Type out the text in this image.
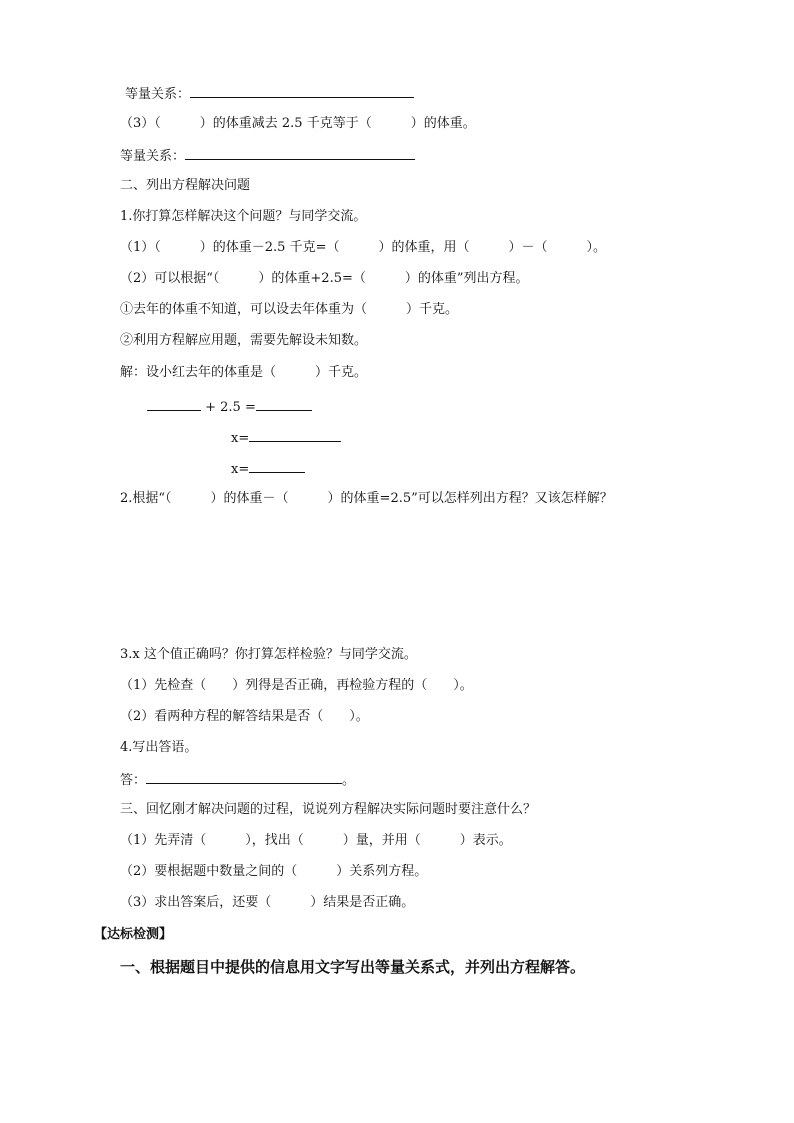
等量关系：
（3）（　　　）的体重减去 2.5 千克等于（　　　）的体重。
等量关系：
二、列出方程解决问题
1.你打算怎样解决这个问题？与同学交流。
（1）（　　　）的体重－2.5 千克=（　　　）的体重，用（　　　）－（　　　）。
（2）可以根据“（　　　）的体重+2.5=（　　　）的体重”列出方程。
①去年的体重不知道，可以设去年体重为（　　　）千克。
②利用方程解应用题，需要先解设未知数。
解：设小红去年的体重是（　　　）千克。
+ 2.5 =
x=
x=
2.根据“（　　　）的体重－（　　　）的体重=2.5”可以怎样列出方程？又该怎样解？
3.x 这个值正确吗？你打算怎样检验？与同学交流。
（1）先检查（　　）列得是否正确，再检验方程的（　　）。
（2）看两种方程的解答结果是否（　　）。
4.写出答语。
答：	。
三、回忆刚才解决问题的过程，说说列方程解决实际问题时要注意什么？
（1）先弄清（　　　），找出（　　　）量，并用（　　　）表示。
（2）要根据题中数量之间的（　　　）关系列方程。
（3）求出答案后，还要（　　　）结果是否正确。
【达标检测】
一、根据题目中提供的信息用文字写出等量关系式，并列出方程解答。
